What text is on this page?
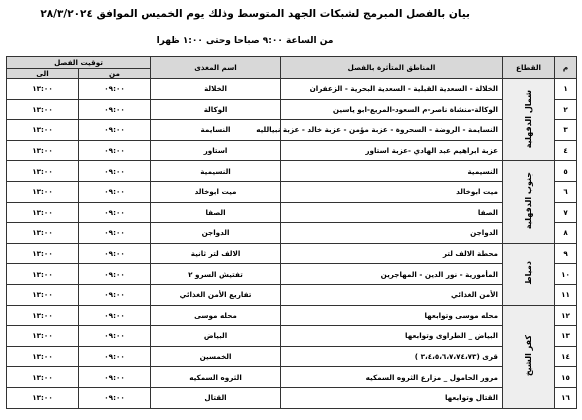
بيان بالفصل المبرمج لشبكات الجهد المتوسط وذلك يوم الخميس الموافق ٢٨/٣/٢٠٢٤
من الساعة ٩:٠٠ صباحا وحتى ١:٠٠ ظهرا
م	القطاع	المناطق المتأثرة بالفصل	اسم المغذى	توقيت الفصل	
				من	الى
١	شمال الدقهلية	الخلالة - السعدية القبلية - السعدية البحرية - الزعفران	الخلالة	٠٩:٠٠	١٣:٠٠
٢		الوكالة-منشاة ناصر-م السعود-المريع-ابو ياسين	الوكالة	٠٩:٠٠	١٣:٠٠
٣		النسايمة - الروضة - السحروة - عزبة مؤمن - عزبة خالد - عزبة نبيالليه	النسايمة	٠٩:٠٠	١٣:٠٠
٤		عزبة ابراهيم عبد الهادي -عزبة استاور	استاور	٠٩:٠٠	١٣:٠٠
٥	جنوب الدقهلية	النسيمية	النسيمية	٠٩:٠٠	١٣:٠٠
٦		ميت ابوخالد	ميت ابوخالد	٠٩:٠٠	١٣:٠٠
٧		الصفا	الصفا	٠٩:٠٠	١٣:٠٠
٨		الدواجن	الدواجن	٠٩:٠٠	١٣:٠٠
٩	دمياط	محطة الالف لتر	الالف لتر ثانية	٠٩:٠٠	١٣:٠٠
١٠		المأمورية - نور الدين - المهاجرين	تفتيش السرو ٢	٠٩:٠٠	١٣:٠٠
١١		الأمن الغذائي	تفاريع الأمن الغذائي	٠٩:٠٠	١٣:٠٠
١٢	كفر الشيخ	محله موسى وتوابعها	محله موسى	٠٩:٠٠	١٣:٠٠
١٣		البياض _ الطراوى وتوابعها	البياض	٠٩:٠٠	١٣:٠٠
١٤		قرى (٣،٤،٥،٦،٧،٧٤،٧٣ )	الخمسين	٠٩:٠٠	١٣:٠٠
١٥		مرور الحامول _ مزارع الثروه السمكيه	الثروه السمكيه	٠٩:٠٠	١٣:٠٠
١٦		القتال وتوابعها	القتال	٠٩:٠٠	١٣:٠٠
